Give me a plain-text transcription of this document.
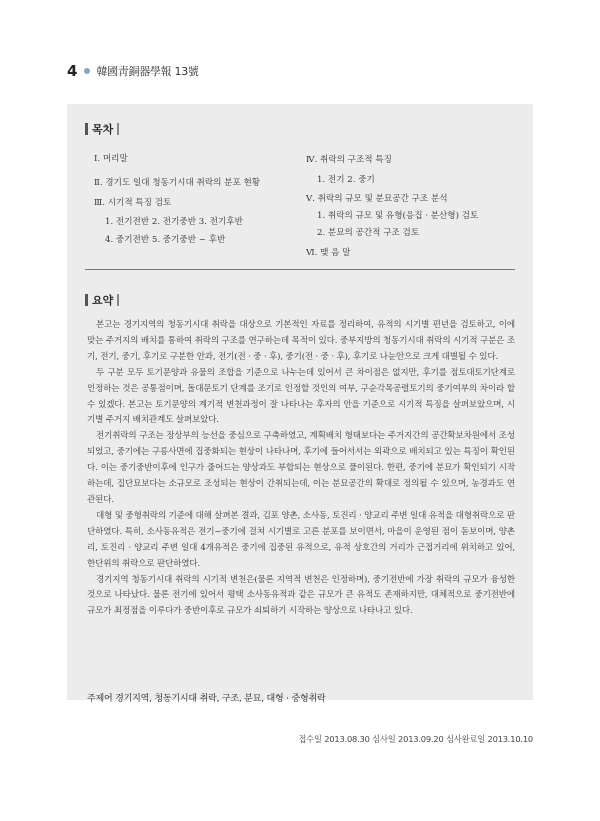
4 韓國靑銅器學報 13號
목차
Ⅰ. 머리말
Ⅱ. 경기도 일대 청동기시대 취락의 분포 현황
Ⅲ. 시기적 특징 검토
1. 전기전반 2. 전기중반 3. 전기후반
4. 중기전반 5. 중기중반 ~ 후반
Ⅳ. 취락의 구조적 특징
1. 전기 2. 중기
Ⅴ. 취락의 규모 및 분묘공간 구조 분석
1. 취락의 규모 및 유형(응집 · 분산형) 검토
2. 분묘의 공간적 구조 검토
Ⅵ. 맺 음 말
요약

본고는 경기지역의 청동기시대 취락을 대상으로 기본적인 자료를 정리하여, 유적의 시기별 편년을 검토하고, 이에 맞는 주거지의 배치를 통하여 취락의 구조를 연구하는데 목적이 있다. 중부지방의 청동기시대 취락의 시기적 구분은 조기, 전기, 중기, 후기로 구분한 안과, 전기(전 · 중 · 후), 중기(전 · 중 · 후), 후기로 나눈안으로 크게 대별될 수 있다.

두 구분 모두 토기문양과 유물의 조합을 기준으로 나누는데 있어서 큰 차이점은 없지만, 후기를 점토대토기단계로 인정하는 것은 공통점이며, 돌대문토기 단계를 조기로 인정할 것인의 여부, 구순각목공렬토기의 중기여부의 차이라 할 수 있겠다. 본고는 토기문양의 계기적 변천과정이 잘 나타나는 후자의 안을 기준으로 시기적 특징을 살펴보았으며, 시기별 주거지 배치관계도 살펴보았다.

전기취락의 구조는 장상부의 능선을 중심으로 구축하였고, 계획배치 형태보다는 주거지간의 공간확보차원에서 조성되었고, 중기에는 구릉사면에 집중화되는 현상이 나타나며, 후기에 들어서서는 외곽으로 배치되고 있는 특징이 확인된다. 이는 중기중반이후에 인구가 줄어드는 양상과도 부합되는 현상으로 풀이된다. 한편, 중기에 분묘가 확인되기 시작하는데, 집단묘보다는 소규모로 조성되는 현상이 간취되는데, 이는 분묘공간의 확대로 정의될 수 있으며, 농경과도 연관된다.

대형 및 중형취락의 기준에 대해 살펴본 결과, 김포 양촌, 소사동, 토진리 · 양교리 주변 일대 유적을 대형취락으로 판단하였다. 특히, 소사동유적은 전기~중기에 걸쳐 시기별로 고른 분포를 보이면서, 마을이 운영된 점이 돋보이며, 양촌리, 토진리 · 양교리 주변 일대 4개유적은 중기에 집중된 유적으로, 유적 상호간의 거리가 근접거리에 위치하고 있어, 한단위의 취락으로 판단하였다.

경기지역 청동기시대 취락의 시기적 변천은(물론 지역적 변천은 인정하며), 중기전반에 가장 취락의 규모가 융성한 것으로 나타났다. 물론 전기에 있어서 평택 소사동유적과 같은 규모가 큰 유적도 존재하지만, 대체적으로 중기전반에 규모가 최정점을 이루다가 중반이후로 규모가 쇠퇴하기 시작하는 양상으로 나타나고 있다.

주제어 경기지역, 청동기시대 취락, 구조, 분묘, 대형 · 중형취락
접수일 2013.08.30 심사일 2013.09.20 심사완료일 2013.10.10
